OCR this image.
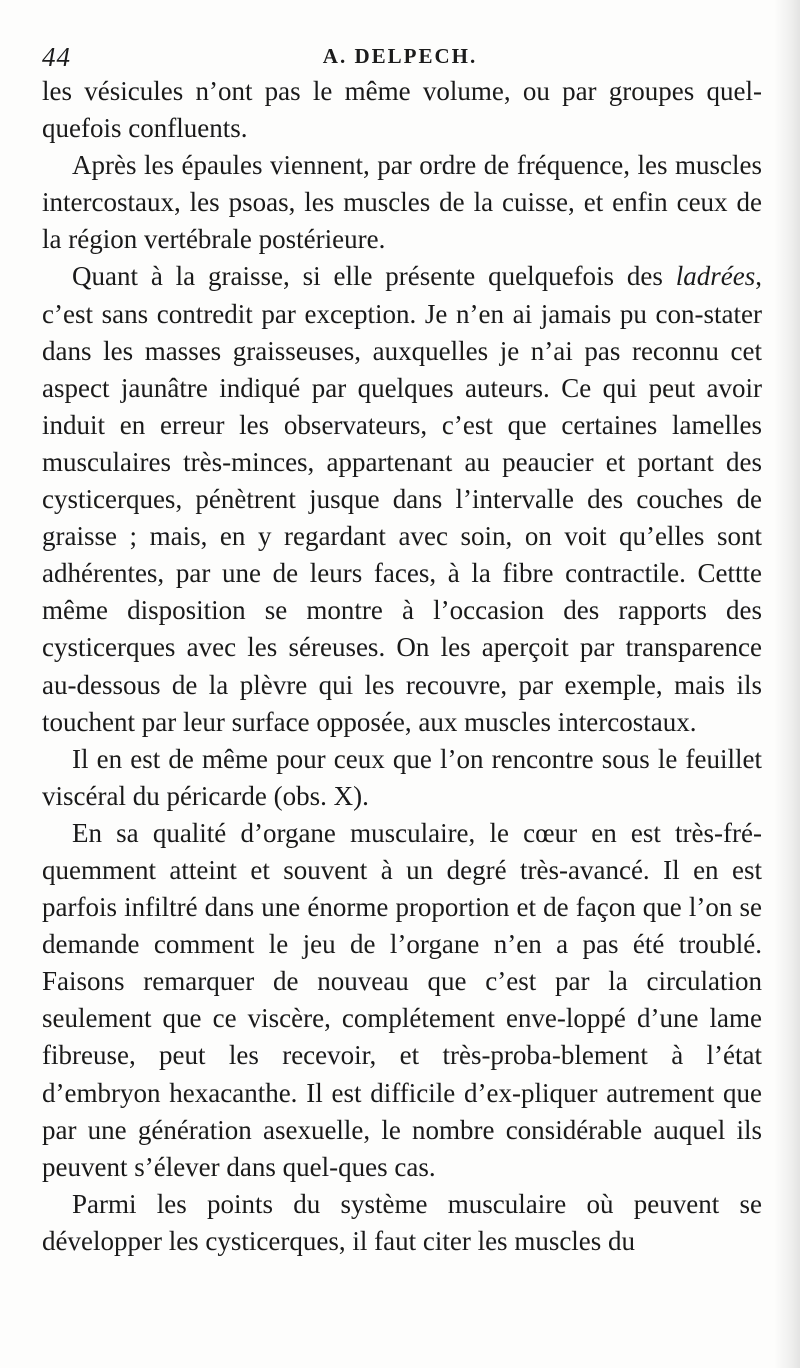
44	A. DELPECH.

les vésicules n’ont pas le même volume, ou par groupes quel-quefois confluents.

Après les épaules viennent, par ordre de fréquence, les muscles intercostaux, les psoas, les muscles de la cuisse, et enfin ceux de la région vertébrale postérieure.

Quant à la graisse, si elle présente quelquefois des ladrées, c’est sans contredit par exception. Je n’en ai jamais pu con-stater dans les masses graisseuses, auxquelles je n’ai pas reconnu cet aspect jaunâtre indiqué par quelques auteurs. Ce qui peut avoir induit en erreur les observateurs, c’est que certaines lamelles musculaires très-minces, appartenant au peaucier et portant des cysticerques, pénètrent jusque dans l’intervalle des couches de graisse ; mais, en y regardant avec soin, on voit qu’elles sont adhérentes, par une de leurs faces, à la fibre contractile. Cettte même disposition se montre à l’occasion des rapports des cysticerques avec les séreuses. On les aperçoit par transparence au-dessous de la plèvre qui les recouvre, par exemple, mais ils touchent par leur surface opposée, aux muscles intercostaux.

Il en est de même pour ceux que l’on rencontre sous le feuillet viscéral du péricarde (obs. X).

En sa qualité d’organe musculaire, le cœur en est très-fré-quemment atteint et souvent à un degré très-avancé. Il en est parfois infiltré dans une énorme proportion et de façon que l’on se demande comment le jeu de l’organe n’en a pas été troublé. Faisons remarquer de nouveau que c’est par la circulation seulement que ce viscère, complétement enve-loppé d’une lame fibreuse, peut les recevoir, et très-proba-blement à l’état d’embryon hexacanthe. Il est difficile d’ex-pliquer autrement que par une génération asexuelle, le nombre considérable auquel ils peuvent s’élever dans quel-ques cas.

Parmi les points du système musculaire où peuvent se développer les cysticerques, il faut citer les muscles du
